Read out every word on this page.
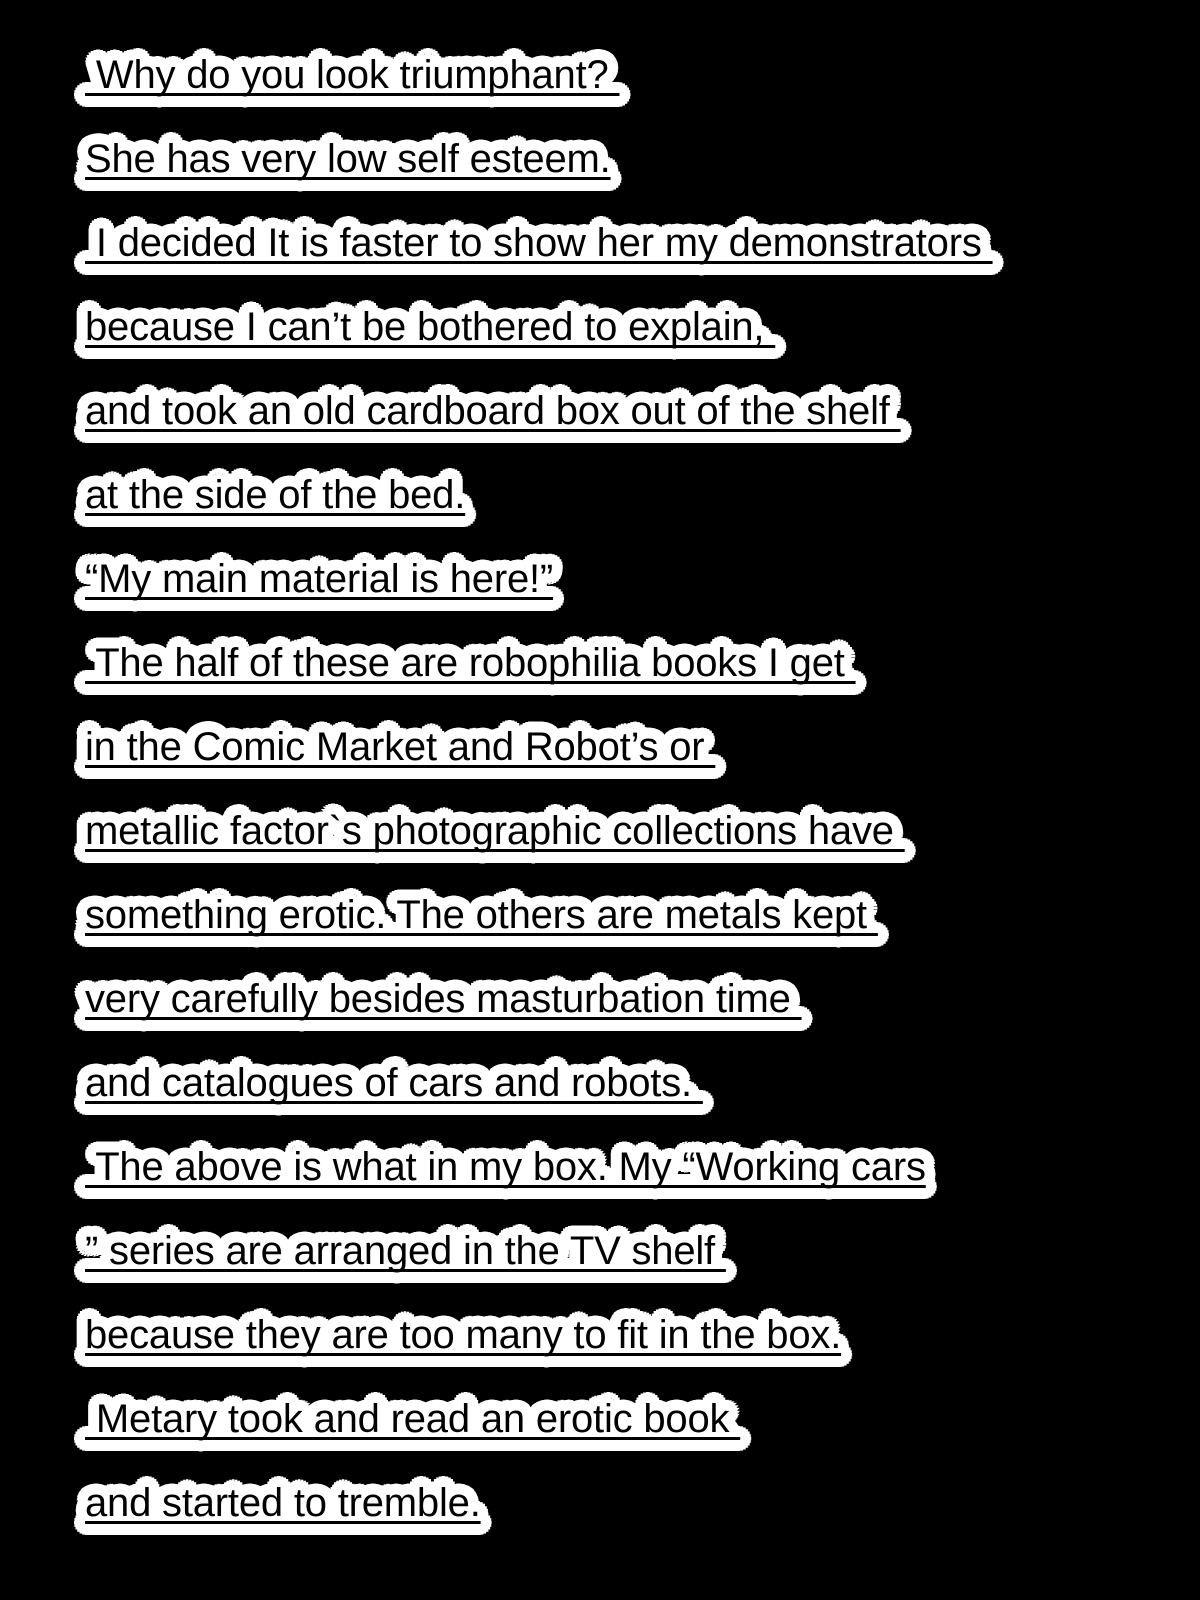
Why do you look triumphant?
She has very low self esteem.
I decided It is faster to show her my demonstrators
because I can’t be bothered to explain,
and took an old cardboard box out of the shelf
at the side of the bed.
“My main material is here!”
The half of these are robophilia books I get
in the Comic Market and Robot’s or
metallic factor`s photographic collections have
something erotic. The others are metals kept
very carefully besides masturbation time
and catalogues of cars and robots.
The above is what in my box. My “Working cars
” series are arranged in the TV shelf
because they are too many to fit in the box.
Metary took and read an erotic book
and started to tremble.
